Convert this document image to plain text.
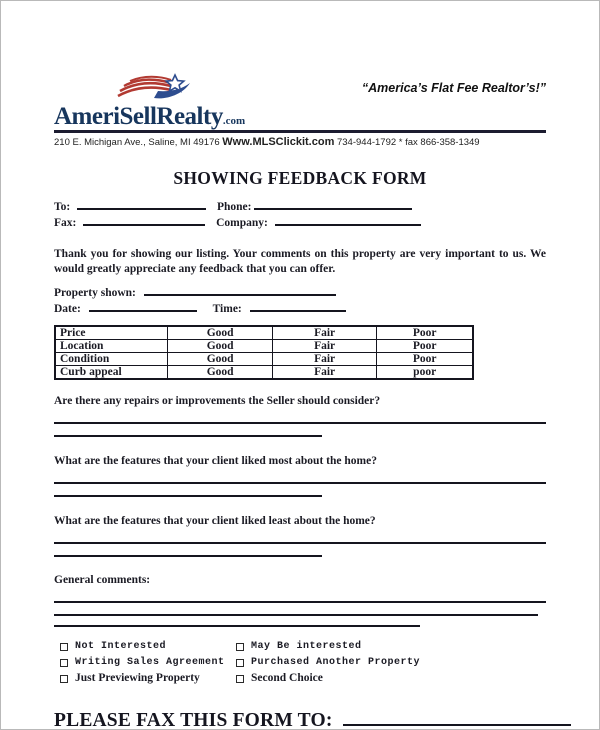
“America’s Flat Fee Realtor’s!”
AmeriSellRealty.com
210 E. Michigan Ave., Saline, MI 49176 Www.MLSClickit.com 734-944-1792 * fax 866-358-1349
SHOWING FEEDBACK FORM
To:	Phone:
Fax:	Company:
Thank you for showing our listing. Your comments on this property are very important to us. We would greatly appreciate any feedback that you can offer.
Property shown:
Date:	Time:
Price	Good	Fair	Poor
Location	Good	Fair	Poor
Condition	Good	Fair	Poor
Curb appeal	Good	Fair	poor
Are there any repairs or improvements the Seller should consider?
What are the features that your client liked most about the home?
What are the features that your client liked least about the home?
General comments:
Not Interested	May Be interested
Writing Sales Agreement	Purchased Another Property
Just Previewing Property	Second Choice
PLEASE FAX THIS FORM TO:
